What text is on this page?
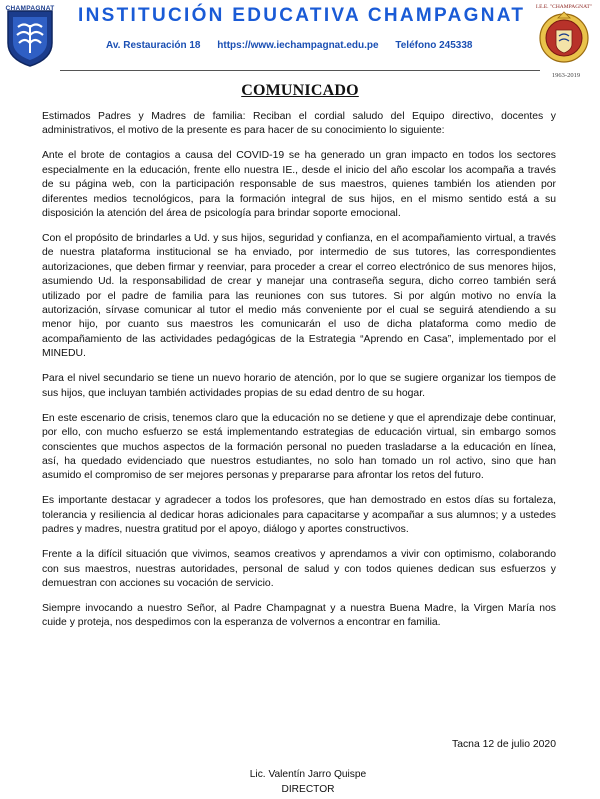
CHAMPAGNAT INSTITUCIÓN EDUCATIVA CHAMPAGNAT
Av. Restauración 18 https://www.iechampagnat.edu.pe Teléfono 245338
I.E.E. "CHAMPAGNAT"
1963-2019
COMUNICADO

Estimados Padres y Madres de familia: Reciban el cordial saludo del Equipo directivo, docentes y administrativos, el motivo de la presente es para hacer de su conocimiento lo siguiente:

Ante el brote de contagios a causa del COVID-19 se ha generado un gran impacto en todos los sectores especialmente en la educación, frente ello nuestra IE., desde el inicio del año escolar los acompaña a través de su página web, con la participación responsable de sus maestros, quienes también los atienden por diferentes medios tecnológicos, para la formación integral de sus hijos, en el mismo sentido está a su disposición la atención del área de psicología para brindar soporte emocional.

Con el propósito de brindarles a Ud. y sus hijos, seguridad y confianza, en el acompañamiento virtual, a través de nuestra plataforma institucional se ha enviado, por intermedio de sus tutores, las correspondientes autorizaciones, que deben firmar y reenviar, para proceder a crear el correo electrónico de sus menores hijos, asumiendo Ud. la responsabilidad de crear y manejar una contraseña segura, dicho correo también será utilizado por el padre de familia para las reuniones con sus tutores. Si por algún motivo no envía la autorización, sírvase comunicar al tutor el medio más conveniente por el cual se seguirá atendiendo a su menor hijo, por cuanto sus maestros les comunicarán el uso de dicha plataforma como medio de acompañamiento de las actividades pedagógicas de la Estrategia “Aprendo en Casa”, implementado por el MINEDU.

Para el nivel secundario se tiene un nuevo horario de atención, por lo que se sugiere organizar los tiempos de sus hijos, que incluyan también actividades propias de su edad dentro de su hogar.

En este escenario de crisis, tenemos claro que la educación no se detiene y que el aprendizaje debe continuar, por ello, con mucho esfuerzo se está implementando estrategias de educación virtual, sin embargo somos conscientes que muchos aspectos de la formación personal no pueden trasladarse a la educación en línea, así, ha quedado evidenciado que nuestros estudiantes, no solo han tomado un rol activo, sino que han asumido el compromiso de ser mejores personas y prepararse para afrontar los retos del futuro.

Es importante destacar y agradecer a todos los profesores, que han demostrado en estos días su fortaleza, tolerancia y resiliencia al dedicar horas adicionales para capacitarse y acompañar a sus alumnos; y a ustedes padres y madres, nuestra gratitud por el apoyo, diálogo y aportes constructivos.

Frente a la difícil situación que vivimos, seamos creativos y aprendamos a vivir con optimismo, colaborando con sus maestros, nuestras autoridades, personal de salud y con todos quienes dedican sus esfuerzos y demuestran con acciones su vocación de servicio.

Siempre invocando a nuestro Señor, al Padre Champagnat y a nuestra Buena Madre, la Virgen María nos cuide y proteja, nos despedimos con la esperanza de volvernos a encontrar en familia.

Tacna 12 de julio 2020
Lic. Valentín Jarro Quispe
DIRECTOR
